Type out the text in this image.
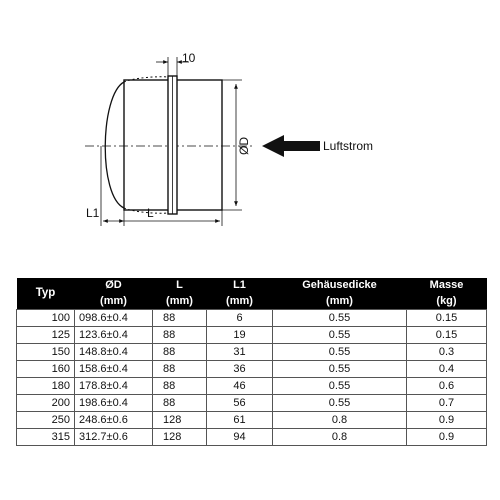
10
ØD	Luftstrom
L1	L
Typ	ØD	L	L1	Gehäusedicke	Masse
	(mm)	(mm)	(mm)	(mm)	(kg)
100	098.6±0.4	88	6	0.55	0.15
125	123.6±0.4	88	19	0.55	0.15
150	148.8±0.4	88	31	0.55	0.3
160	158.6±0.4	88	36	0.55	0.4
180	178.8±0.4	88	46	0.55	0.6
200	198.6±0.4	88	56	0.55	0.7
250	248.6±0.6	128	61	0.8	0.9
315	312.7±0.6	128	94	0.8	0.9
